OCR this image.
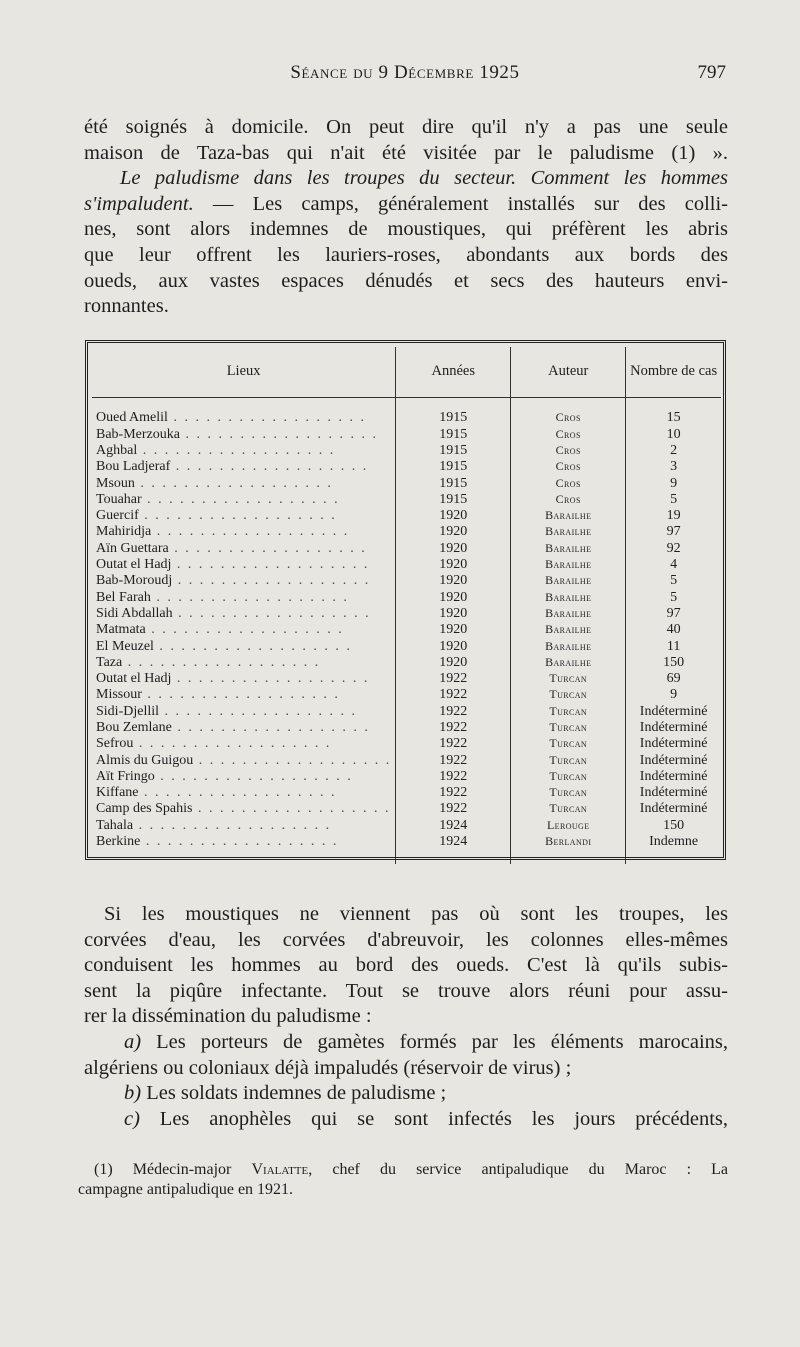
Séance du 9 Décembre 1925	797
été soignés à domicile. On peut dire qu'il n'y a pas une seule
maison de Taza-bas qui n'ait été visitée par le paludisme (1) ».
Le paludisme dans les troupes du secteur. Comment les hommes
s'impaludent. — Les camps, généralement installés sur des colli-
nes, sont alors indemnes de moustiques, qui préfèrent les abris
que leur offrent les lauriers-roses, abondants aux bords des
oueds, aux vastes espaces dénudés et secs des hauteurs envi-
ronnantes.
Lieux	Années	Auteur	Nombre de cas

Oued Amelil . . . . . . . . . . . . . . . . . .	1915	Cros	15
Bab-Merzouka . . . . . . . . . . . . . . . . . .	1915	Cros	10
Aghbal . . . . . . . . . . . . . . . . . .	1915	Cros	2
Bou Ladjeraf . . . . . . . . . . . . . . . . . .	1915	Cros	3
Msoun . . . . . . . . . . . . . . . . . .	1915	Cros	9
Touahar . . . . . . . . . . . . . . . . . .	1915	Cros	5
Guercif . . . . . . . . . . . . . . . . . .	1920	Barailhe	19
Mahiridja . . . . . . . . . . . . . . . . . .	1920	Barailhe	97
Aïn Guettara . . . . . . . . . . . . . . . . . .	1920	Barailhe	92
Outat el Hadj . . . . . . . . . . . . . . . . . .	1920	Barailhe	4
Bab-Moroudj . . . . . . . . . . . . . . . . . .	1920	Barailhe	5
Bel Farah . . . . . . . . . . . . . . . . . .	1920	Barailhe	5
Sidi Abdallah . . . . . . . . . . . . . . . . . .	1920	Barailhe	97
Matmata . . . . . . . . . . . . . . . . . .	1920	Barailhe	40
El Meuzel . . . . . . . . . . . . . . . . . .	1920	Barailhe	11
Taza . . . . . . . . . . . . . . . . . .	1920	Barailhe	150
Outat el Hadj . . . . . . . . . . . . . . . . . .	1922	Turcan	69
Missour . . . . . . . . . . . . . . . . . .	1922	Turcan	9
Sidi-Djellil . . . . . . . . . . . . . . . . . .	1922	Turcan	Indéterminé
Bou Zemlane . . . . . . . . . . . . . . . . . .	1922	Turcan	Indéterminé
Sefrou . . . . . . . . . . . . . . . . . .	1922	Turcan	Indéterminé
Almis du Guigou . . . . . . . . . . . . . . . . . .	1922	Turcan	Indéterminé
Aït Fringo . . . . . . . . . . . . . . . . . .	1922	Turcan	Indéterminé
Kiffane . . . . . . . . . . . . . . . . . .	1922	Turcan	Indéterminé
Camp des Spahis . . . . . . . . . . . . . . . . . .	1922	Turcan	Indéterminé
Tahala . . . . . . . . . . . . . . . . . .	1924	Lerouge	150
Berkine . . . . . . . . . . . . . . . . . .	1924	Berlandi	Indemne

Si les moustiques ne viennent pas où sont les troupes, les
corvées d'eau, les corvées d'abreuvoir, les colonnes elles-mêmes
conduisent les hommes au bord des oueds. C'est là qu'ils subis-
sent la piqûre infectante. Tout se trouve alors réuni pour assu-
rer la dissémination du paludisme :
a) Les porteurs de gamètes formés par les éléments marocains,
algériens ou coloniaux déjà impaludés (réservoir de virus) ;
b) Les soldats indemnes de paludisme ;
c) Les anophèles qui se sont infectés les jours précédents,
(1) Médecin-major Vialatte, chef du service antipaludique du Maroc : La
campagne antipaludique en 1921.
